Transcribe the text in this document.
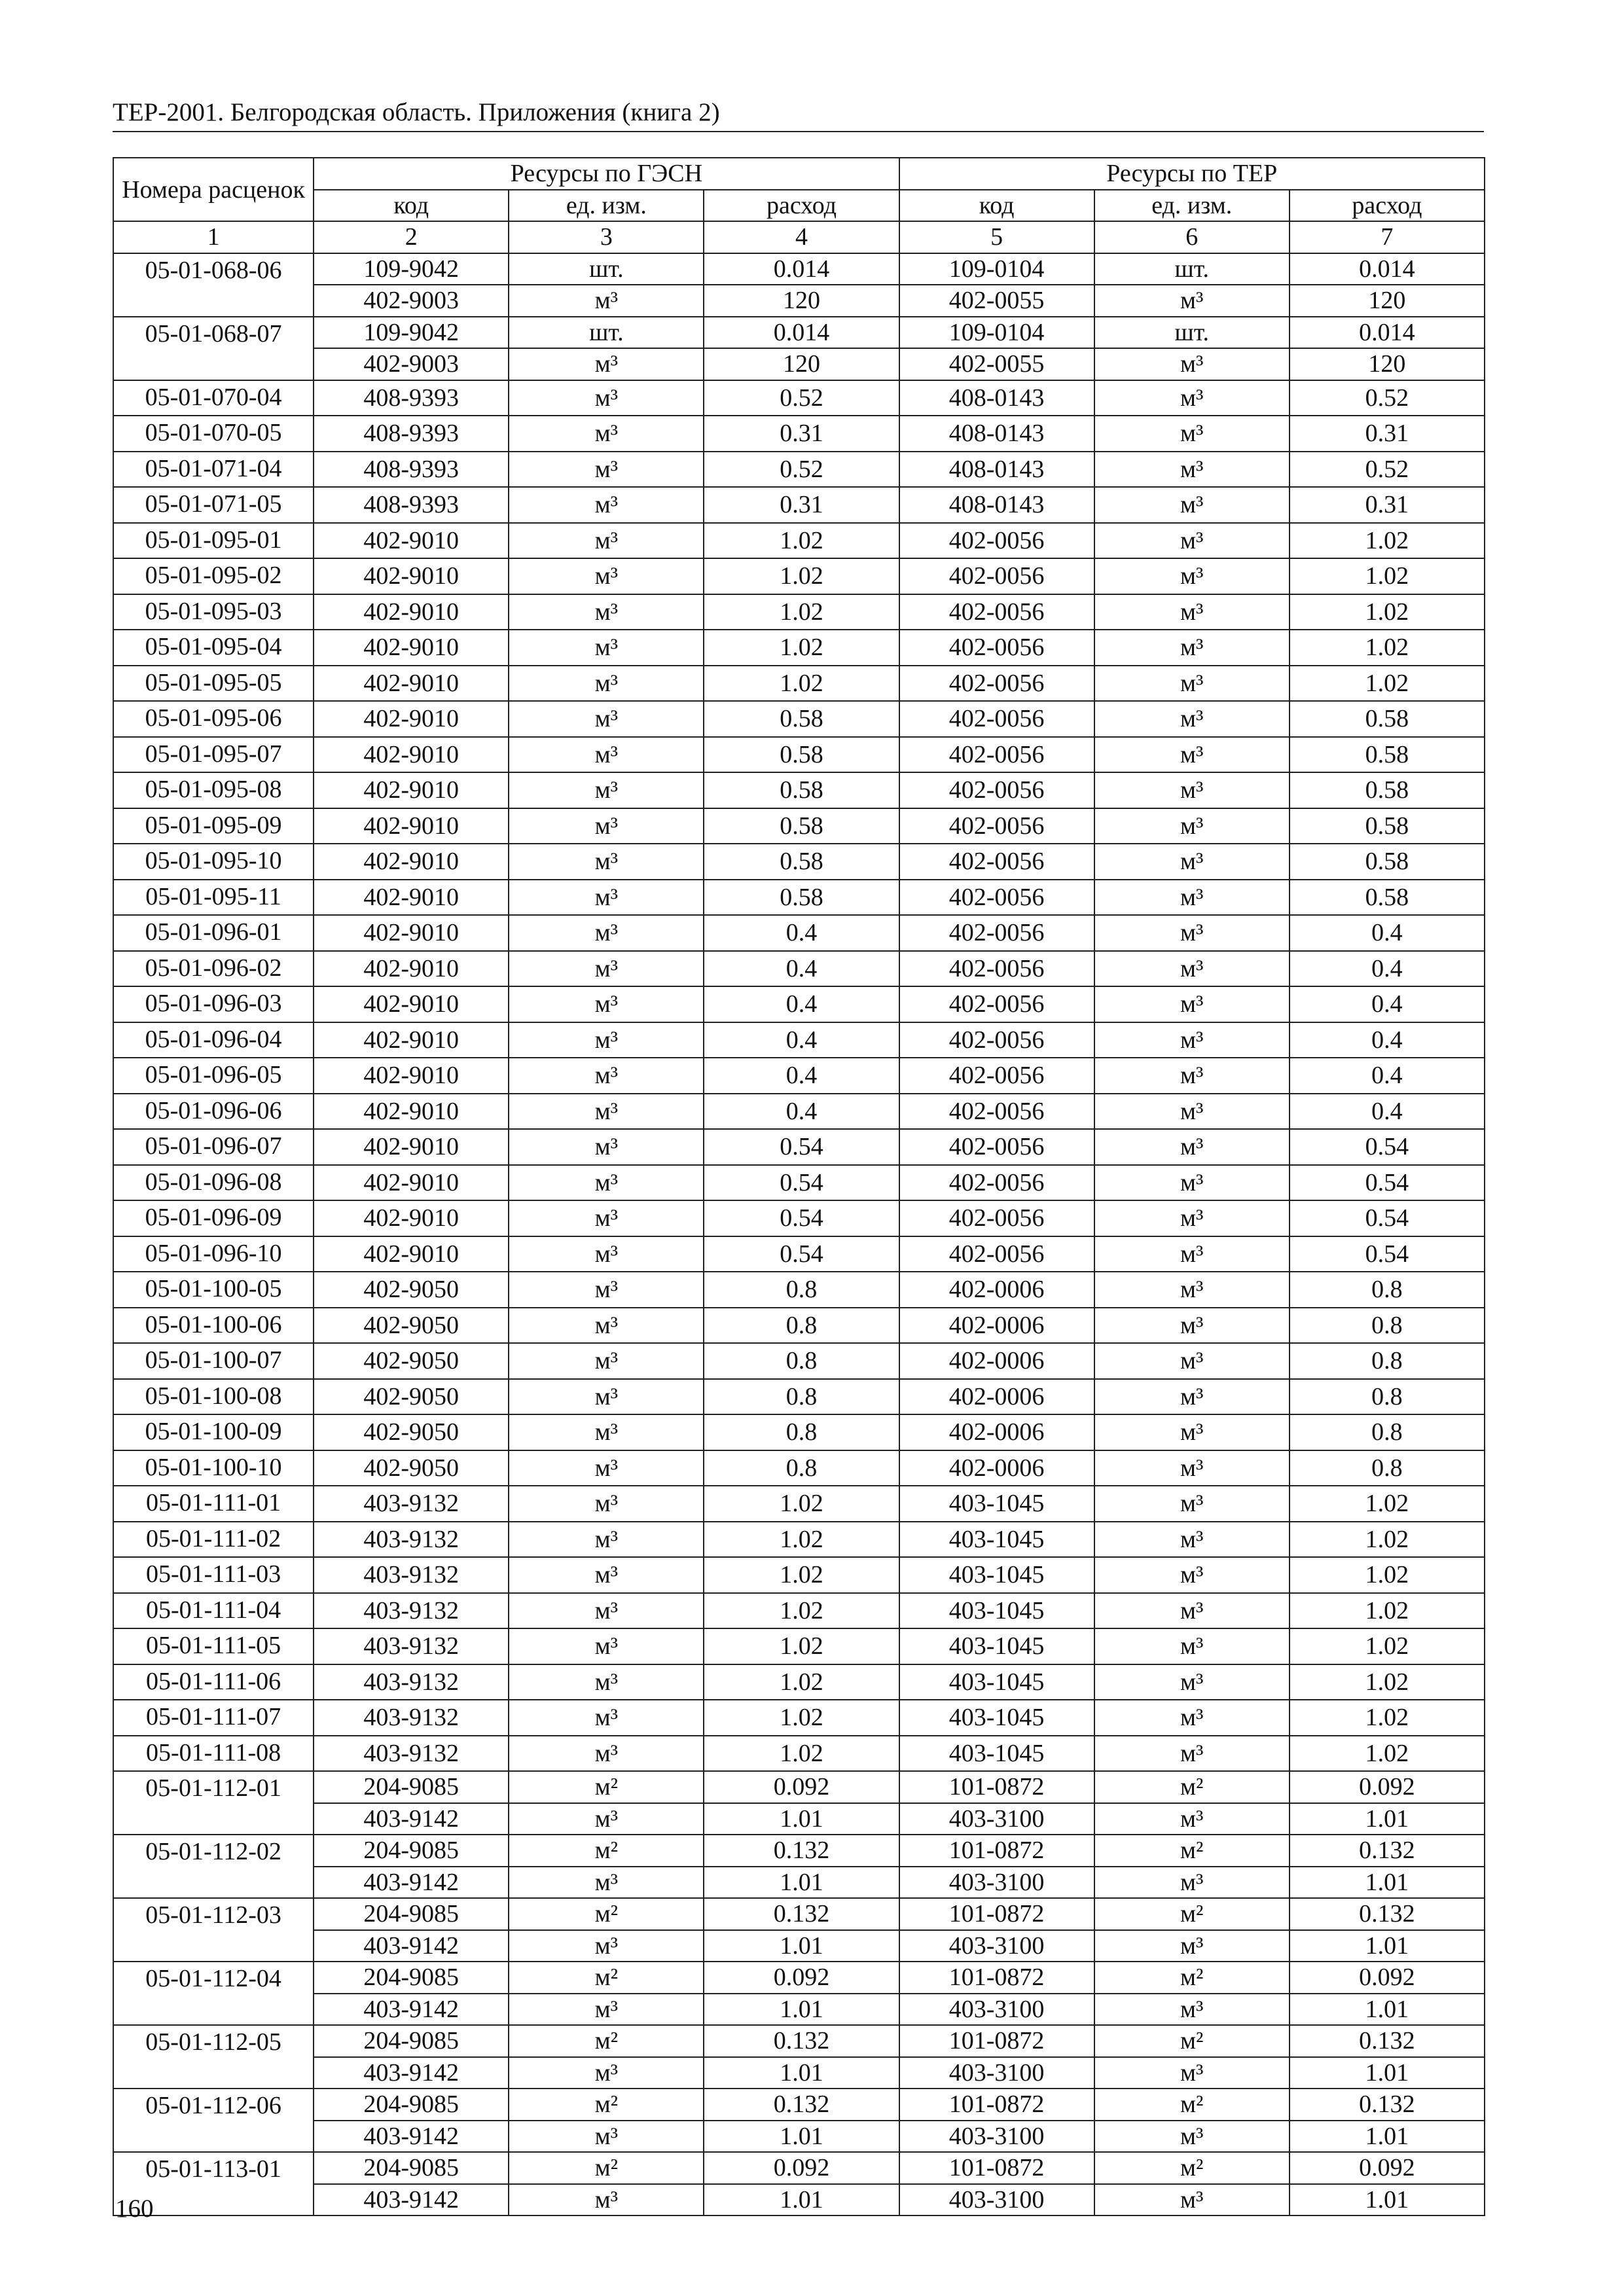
ТЕР-2001. Белгородская область. Приложения (книга 2)
Номера расценок	Ресурсы по ГЭСН			Ресурсы по ТЕР		
	код	ед. изм.	расход	код	ед. изм.	расход
1	2	3	4	5	6	7
05-01-068-06	109-9042	шт.	0.014	109-0104	шт.	0.014
	402-9003	м³	120	402-0055	м³	120
05-01-068-07	109-9042	шт.	0.014	109-0104	шт.	0.014
	402-9003	м³	120	402-0055	м³	120
05-01-070-04	408-9393	м³	0.52	408-0143	м³	0.52
05-01-070-05	408-9393	м³	0.31	408-0143	м³	0.31
05-01-071-04	408-9393	м³	0.52	408-0143	м³	0.52
05-01-071-05	408-9393	м³	0.31	408-0143	м³	0.31
05-01-095-01	402-9010	м³	1.02	402-0056	м³	1.02
05-01-095-02	402-9010	м³	1.02	402-0056	м³	1.02
05-01-095-03	402-9010	м³	1.02	402-0056	м³	1.02
05-01-095-04	402-9010	м³	1.02	402-0056	м³	1.02
05-01-095-05	402-9010	м³	1.02	402-0056	м³	1.02
05-01-095-06	402-9010	м³	0.58	402-0056	м³	0.58
05-01-095-07	402-9010	м³	0.58	402-0056	м³	0.58
05-01-095-08	402-9010	м³	0.58	402-0056	м³	0.58
05-01-095-09	402-9010	м³	0.58	402-0056	м³	0.58
05-01-095-10	402-9010	м³	0.58	402-0056	м³	0.58
05-01-095-11	402-9010	м³	0.58	402-0056	м³	0.58
05-01-096-01	402-9010	м³	0.4	402-0056	м³	0.4
05-01-096-02	402-9010	м³	0.4	402-0056	м³	0.4
05-01-096-03	402-9010	м³	0.4	402-0056	м³	0.4
05-01-096-04	402-9010	м³	0.4	402-0056	м³	0.4
05-01-096-05	402-9010	м³	0.4	402-0056	м³	0.4
05-01-096-06	402-9010	м³	0.4	402-0056	м³	0.4
05-01-096-07	402-9010	м³	0.54	402-0056	м³	0.54
05-01-096-08	402-9010	м³	0.54	402-0056	м³	0.54
05-01-096-09	402-9010	м³	0.54	402-0056	м³	0.54
05-01-096-10	402-9010	м³	0.54	402-0056	м³	0.54
05-01-100-05	402-9050	м³	0.8	402-0006	м³	0.8
05-01-100-06	402-9050	м³	0.8	402-0006	м³	0.8
05-01-100-07	402-9050	м³	0.8	402-0006	м³	0.8
05-01-100-08	402-9050	м³	0.8	402-0006	м³	0.8
05-01-100-09	402-9050	м³	0.8	402-0006	м³	0.8
05-01-100-10	402-9050	м³	0.8	402-0006	м³	0.8
05-01-111-01	403-9132	м³	1.02	403-1045	м³	1.02
05-01-111-02	403-9132	м³	1.02	403-1045	м³	1.02
05-01-111-03	403-9132	м³	1.02	403-1045	м³	1.02
05-01-111-04	403-9132	м³	1.02	403-1045	м³	1.02
05-01-111-05	403-9132	м³	1.02	403-1045	м³	1.02
05-01-111-06	403-9132	м³	1.02	403-1045	м³	1.02
05-01-111-07	403-9132	м³	1.02	403-1045	м³	1.02
05-01-111-08	403-9132	м³	1.02	403-1045	м³	1.02
05-01-112-01	204-9085	м²	0.092	101-0872	м²	0.092
	403-9142	м³	1.01	403-3100	м³	1.01
05-01-112-02	204-9085	м²	0.132	101-0872	м²	0.132
	403-9142	м³	1.01	403-3100	м³	1.01
05-01-112-03	204-9085	м²	0.132	101-0872	м²	0.132
	403-9142	м³	1.01	403-3100	м³	1.01
05-01-112-04	204-9085	м²	0.092	101-0872	м²	0.092
	403-9142	м³	1.01	403-3100	м³	1.01
05-01-112-05	204-9085	м²	0.132	101-0872	м²	0.132
	403-9142	м³	1.01	403-3100	м³	1.01
05-01-112-06	204-9085	м²	0.132	101-0872	м²	0.132
	403-9142	м³	1.01	403-3100	м³	1.01
05-01-113-01	204-9085	м²	0.092	101-0872	м²	0.092
	403-9142	м³	1.01	403-3100	м³	1.01
160
